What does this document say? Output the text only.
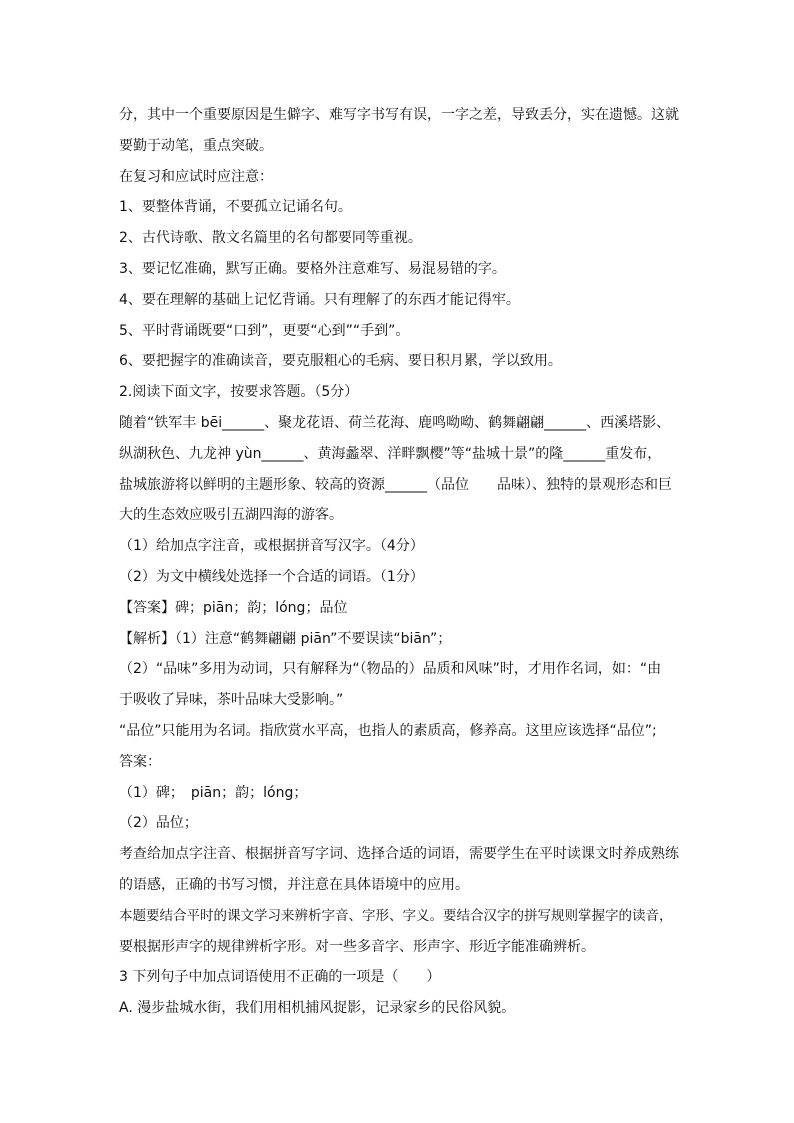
分，其中一个重要原因是生僻字、难写字书写有误，一字之差，导致丢分，实在遗憾。这就
要勤于动笔，重点突破。
在复习和应试时应注意：
1、要整体背诵，不要孤立记诵名句。
2、古代诗歌、散文名篇里的名句都要同等重视。
3、要记忆准确，默写正确。要格外注意难写、易混易错的字。
4、要在理解的基础上记忆背诵。只有理解了的东西才能记得牢。
5、平时背诵既要“口到”，更要“心到”“手到”。
6、要把握字的准确读音，要克服粗心的毛病、要日积月累，学以致用。
2.阅读下面文字，按要求答题。（5分）
随着“铁军丰 bēi______、聚龙花语、荷兰花海、鹿鸣呦呦、鹤舞翩翩______、西溪塔影、
纵湖秋色、九龙神 yùn______、黄海蠡翠、洋畔飘樱”等“盐城十景”的隆______重发布，
盐城旅游将以鲜明的主题形象、较高的资源______（品位　　品味）、独特的景观形态和巨
大的生态效应吸引五湖四海的游客。
（1）给加点字注音，或根据拼音写汉字。（4分）
（2）为文中横线处选择一个合适的词语。（1分）
【答案】碑；piān；韵；lóng；品位
【解析】（1）注意“鹤舞翩翩 piān”不要误读“biān”；
（2）“品味”多用为动词，只有解释为“（物品的）品质和风味”时，才用作名词，如：“由
于吸收了异味，茶叶品味大受影响。”
“品位”只能用为名词。指欣赏水平高，也指人的素质高，修养高。这里应该选择“品位”;
答案：
（1）碑；　piān；韵；lóng；
（2）品位；
考查给加点字注音、根据拼音写字词、选择合适的词语，需要学生在平时读课文时养成熟练
的语感，正确的书写习惯，并注意在具体语境中的应用。
本题要结合平时的课文学习来辨析字音、字形、字义。要结合汉字的拼写规则掌握字的读音，
要根据形声字的规律辨析字形。对一些多音字、形声字、形近字能准确辨析。
3 下列句子中加点词语使用不正确的一项是（　　）
A. 漫步盐城水街，我们用相机捕风捉影，记录家乡的民俗风貌。
